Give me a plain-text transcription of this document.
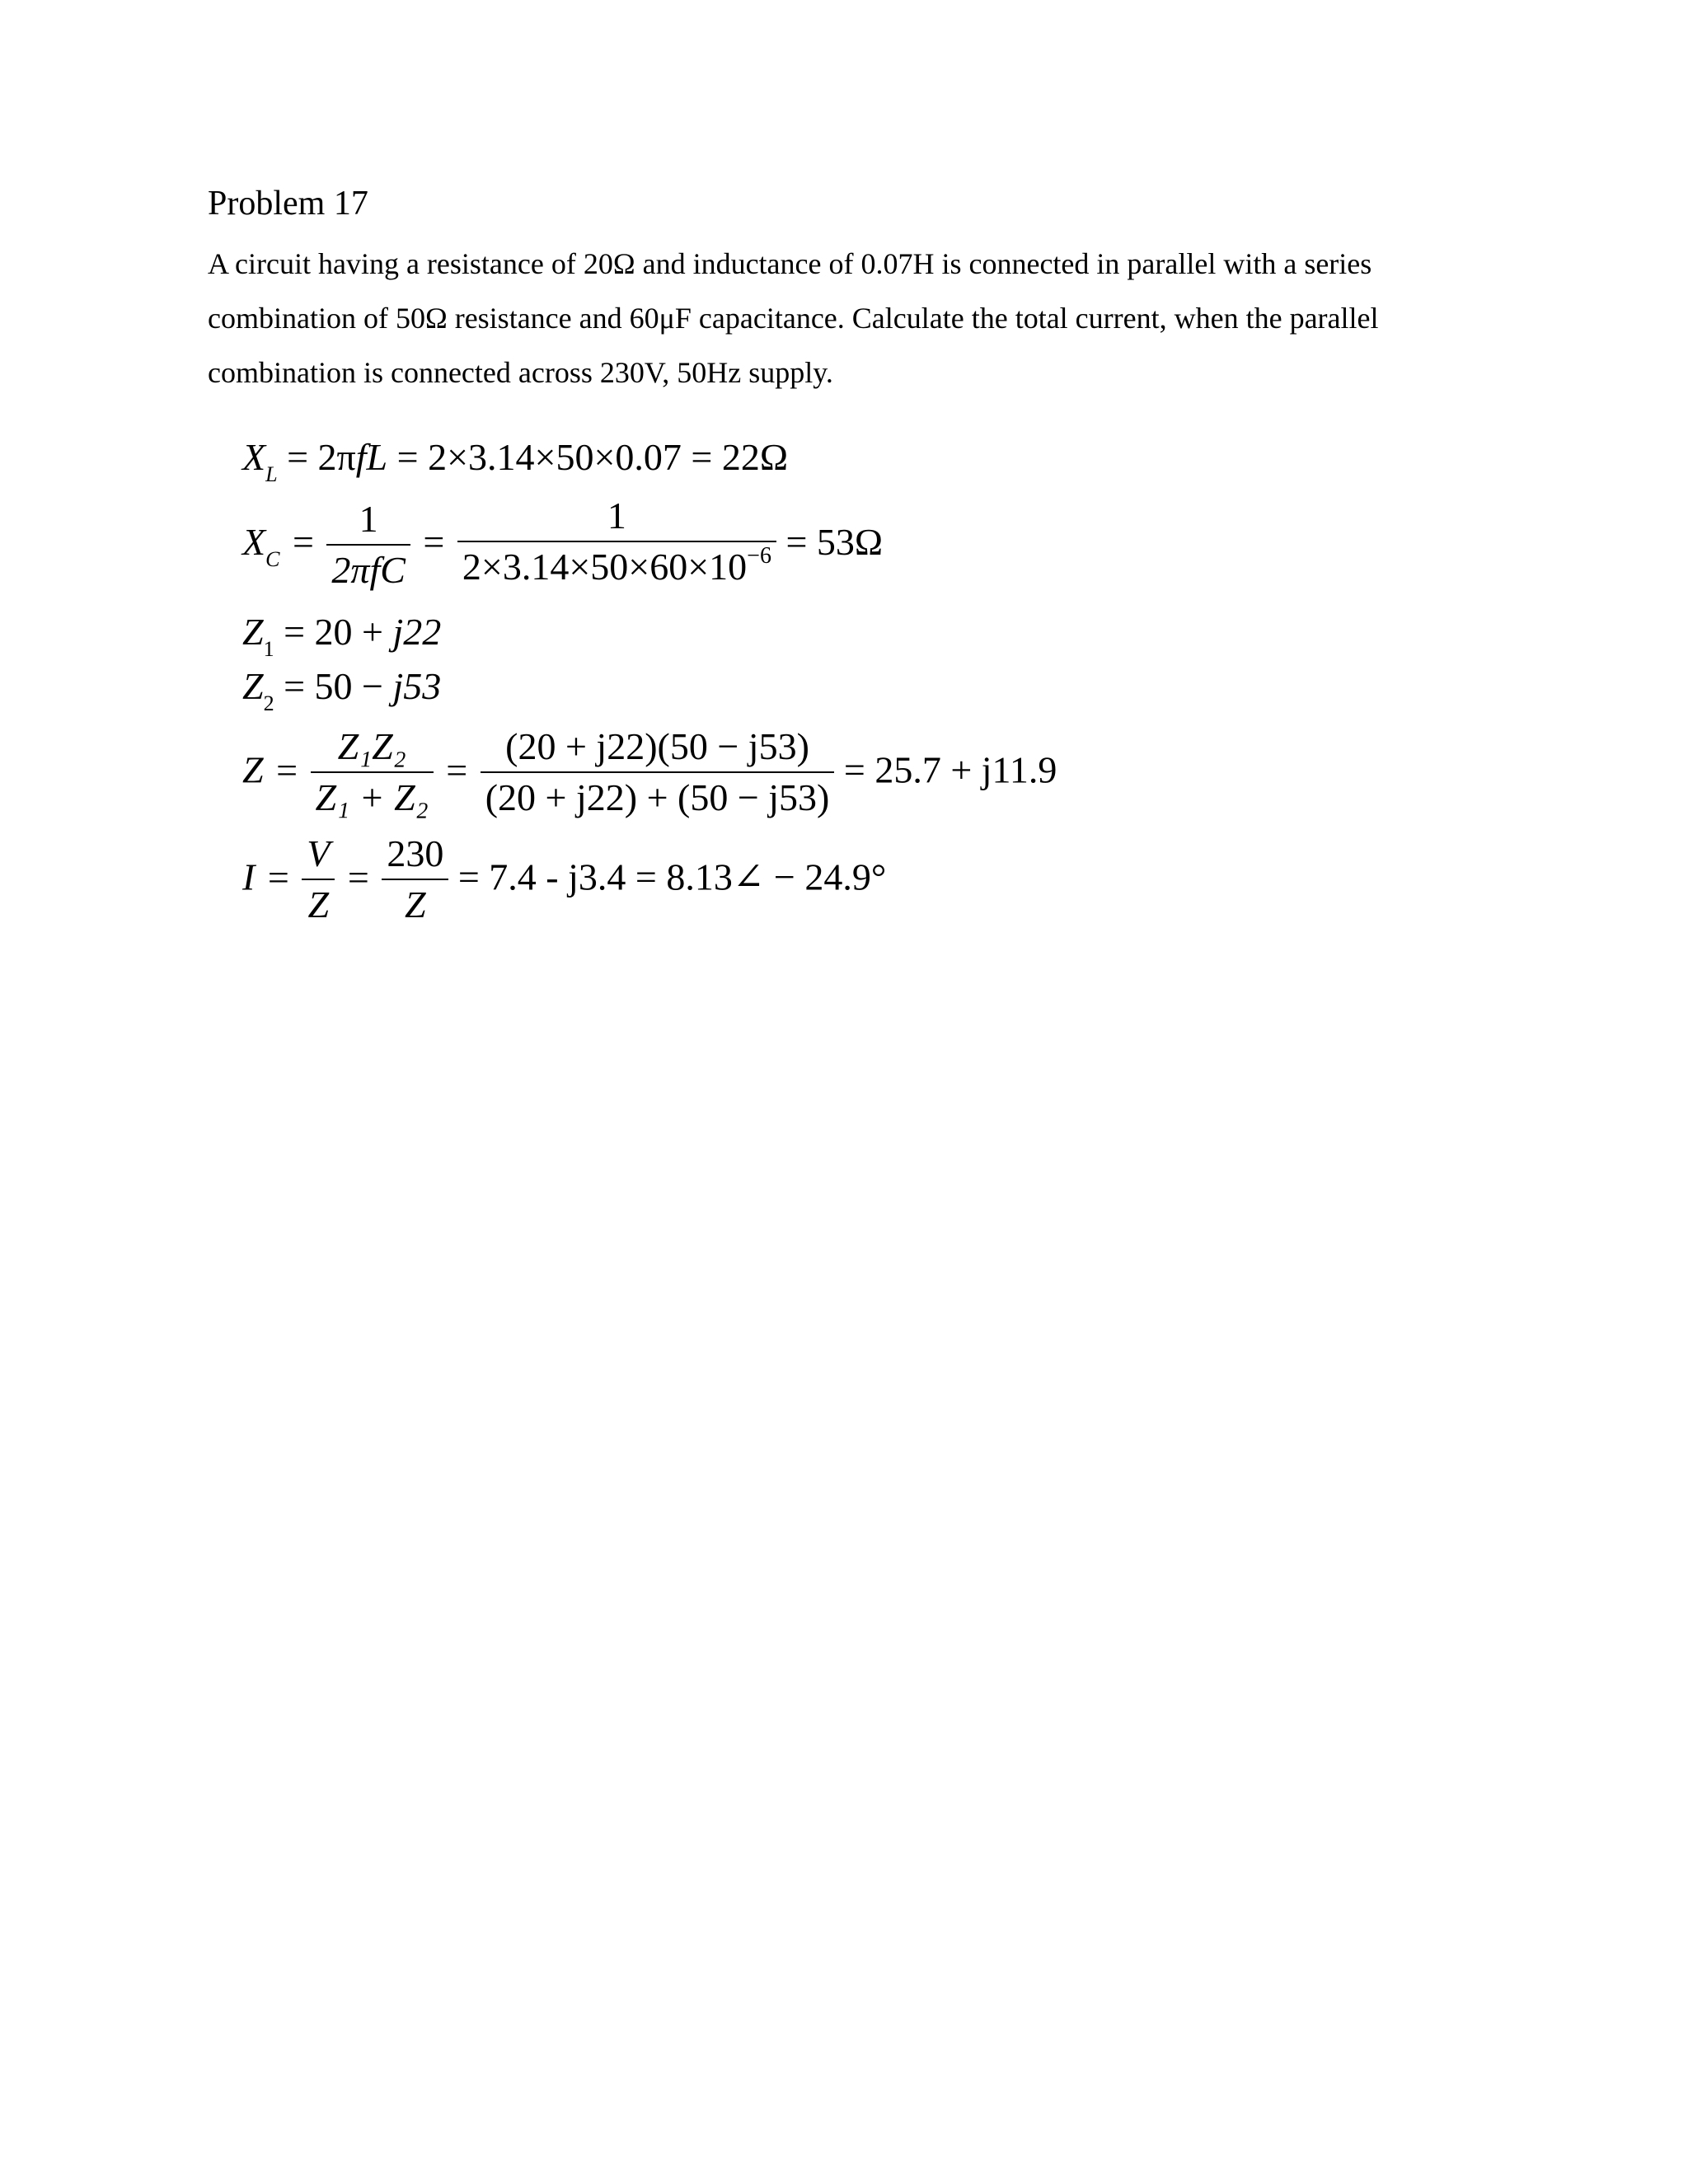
Problem 17
A circuit having a resistance of 20Ω and inductance of 0.07H is connected in parallel with a series
combination of 50Ω resistance and 60μF capacitance. Calculate the total current, when the parallel
combination is connected across 230V, 50Hz supply.
$X_L = 2\pi fL = 2\times 3.14\times 50\times 0.07 = 22\Omega$
$X_C = \frac{1}{\text{2πfC}} = \frac{1}{2\times 3.14\times 50\times 60\times 10^{-6}} = 53\Omega$
$Z_1 = 20 + j22$
$Z_2 = 50 - j53$
$Z = \frac{\text{Z₁Z₂}}{\text{Z₁ + Z₂}} = \frac{(20 + j22)(50 - j53)}{(20 + j22) + (50 - j53)} = 25.7 + j11.9$
$I = \frac{V}{Z} = \frac{230}{Z} = 7.4 - j3.4$ = 8.13∠ − 24.9°
